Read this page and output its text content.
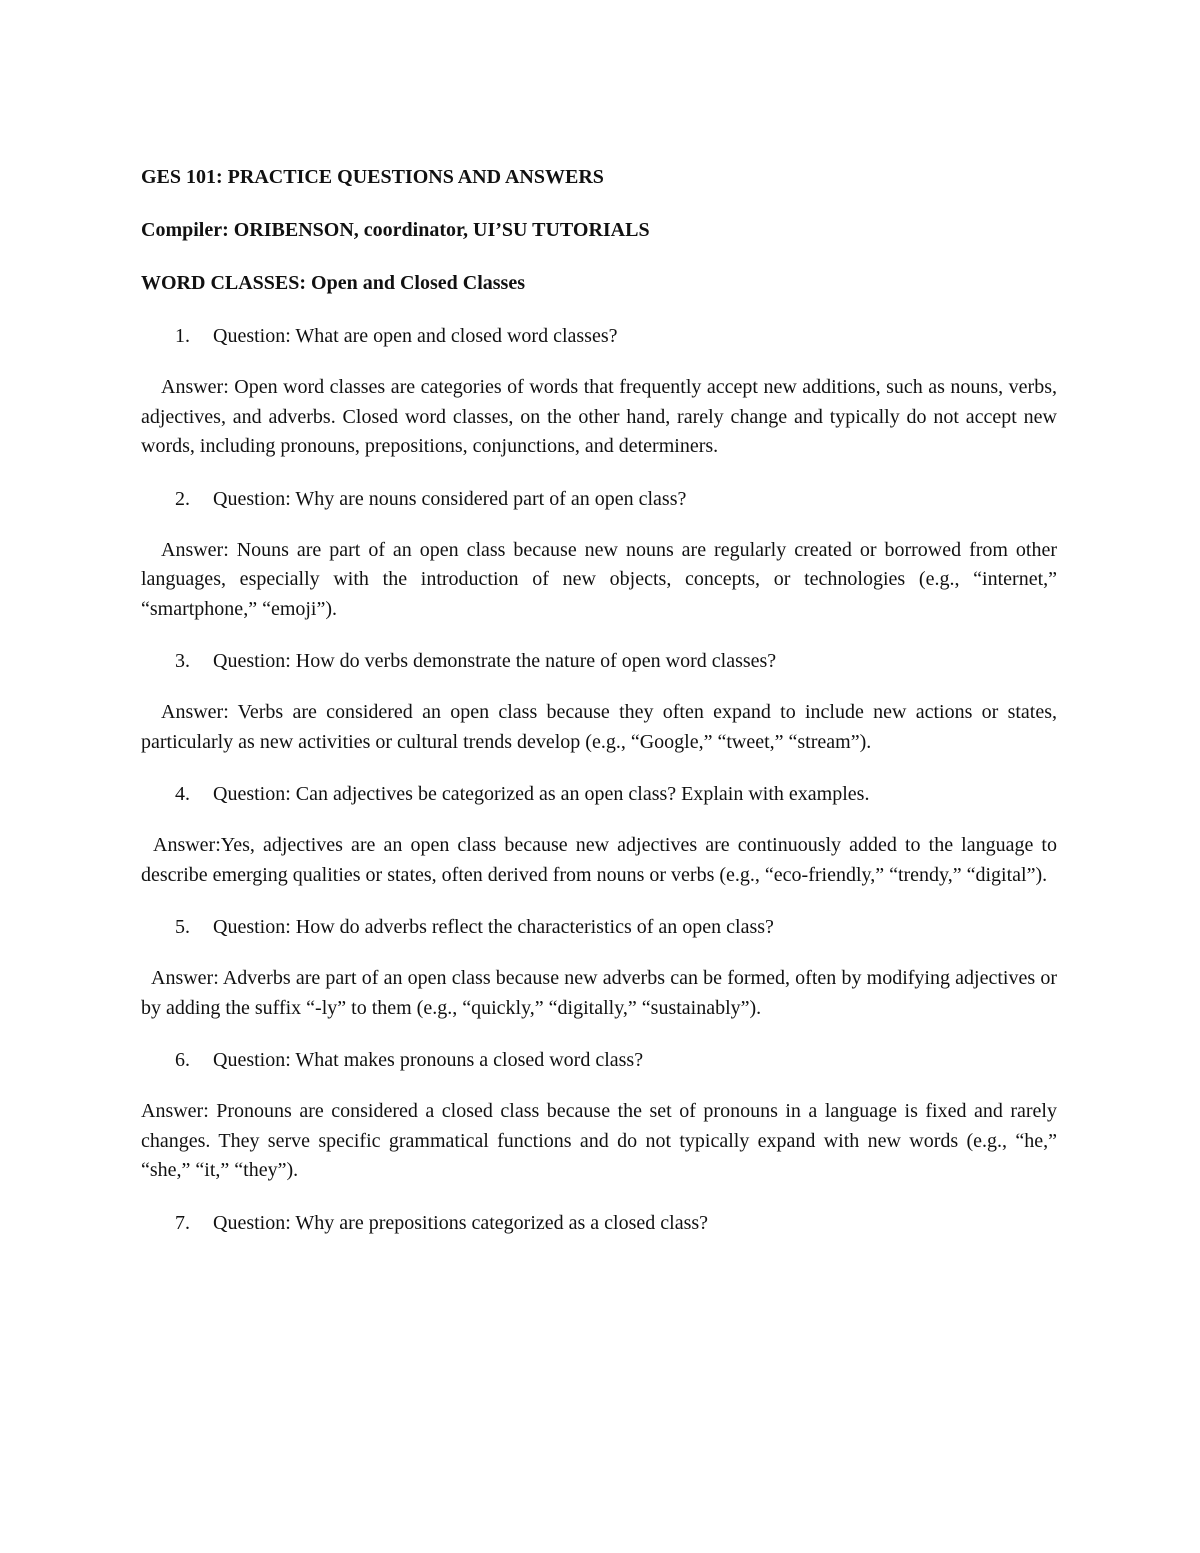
GES 101: PRACTICE QUESTIONS AND ANSWERS

Compiler: ORIBENSON, coordinator, UI’SU TUTORIALS

WORD CLASSES: Open and Closed Classes

1. Question: What are open and closed word classes?

Answer: Open word classes are categories of words that frequently accept new additions, such as nouns, verbs, adjectives, and adverbs. Closed word classes, on the other hand, rarely change and typically do not accept new words, including pronouns, prepositions, conjunctions, and determiners.

2. Question: Why are nouns considered part of an open class?

Answer: Nouns are part of an open class because new nouns are regularly created or borrowed from other languages, especially with the introduction of new objects, concepts, or technologies (e.g., “internet,” “smartphone,” “emoji”).

3. Question: How do verbs demonstrate the nature of open word classes?

Answer: Verbs are considered an open class because they often expand to include new actions or states, particularly as new activities or cultural trends develop (e.g., “Google,” “tweet,” “stream”).

4. Question: Can adjectives be categorized as an open class? Explain with examples.

Answer:Yes, adjectives are an open class because new adjectives are continuously added to the language to describe emerging qualities or states, often derived from nouns or verbs (e.g., “eco-friendly,” “trendy,” “digital”).

5. Question: How do adverbs reflect the characteristics of an open class?

Answer: Adverbs are part of an open class because new adverbs can be formed, often by modifying adjectives or by adding the suffix “-ly” to them (e.g., “quickly,” “digitally,” “sustainably”).

6. Question: What makes pronouns a closed word class?

Answer: Pronouns are considered a closed class because the set of pronouns in a language is fixed and rarely changes. They serve specific grammatical functions and do not typically expand with new words (e.g., “he,” “she,” “it,” “they”).

7. Question: Why are prepositions categorized as a closed class?
